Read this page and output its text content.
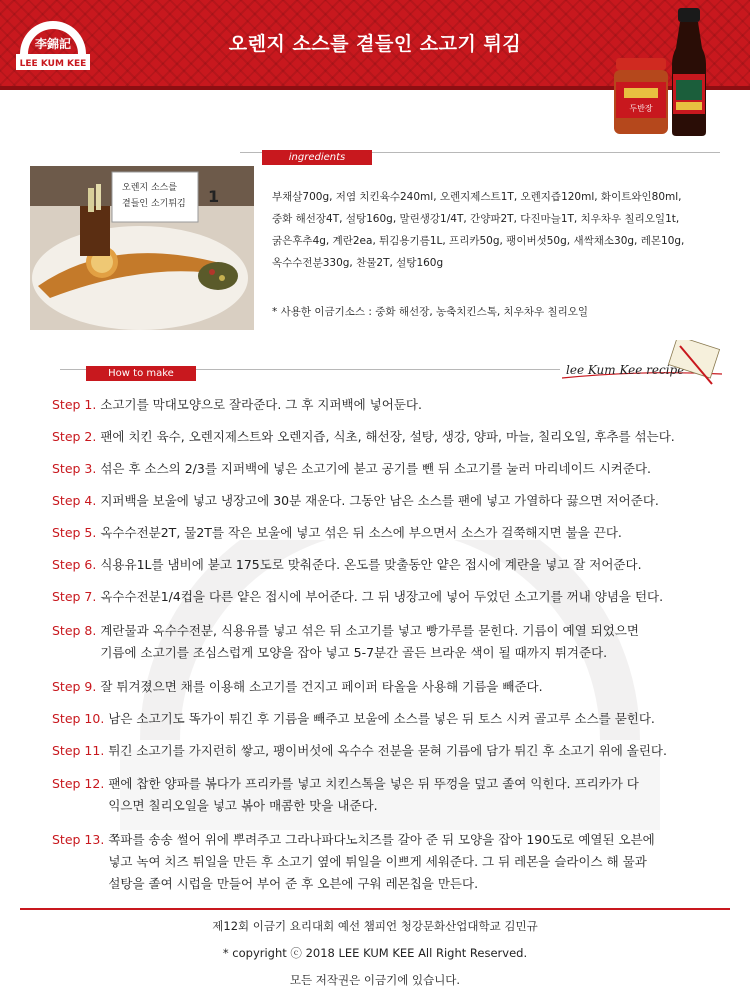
李錦記
LEE KUM KEE
오렌지 소스를 곁들인 소고기 튀김
두반장
ingredients
오렌지 소스를
곁들인 소기튀김 1	부채살700g, 저염 치킨육수240ml, 오렌지제스트1T, 오렌지즙120ml, 화이트와인80ml,
중화 해선장4T, 설탕160g, 말린생강1/4T, 간양파2T, 다진마늘1T, 치우차우 칠리오일1t,
굵은후추4g, 계란2ea, 튀김용기름1L, 프리카50g, 팽이버섯50g, 새싹채소30g, 레몬10g,
옥수수전분330g, 찬물2T, 설탕160g
* 사용한 이금기소스 : 중화 해선장, 농축치킨스톡, 치우차우 칠리오일
How to make	lee Kum Kee recipe
Step 1. 소고기를 막대모양으로 잘라준다. 그 후 지퍼백에 넣어둔다.
Step 2. 팬에 치킨 육수, 오렌지제스트와 오렌지즙, 식초, 해선장, 설탕, 생강, 양파, 마늘, 칠리오일, 후추를 섞는다.
Step 3. 섞은 후 소스의 2/3를 지퍼백에 넣은 소고기에 붇고 공기를 뺀 뒤 소고기를 눌러 마리네이드 시켜준다.
Step 4. 지퍼백을 보울에 넣고 냉장고에 30분 재운다. 그동안 남은 소스를 팬에 넣고 가열하다 끓으면 저어준다.
Step 5. 옥수수전분2T, 물2T를 작은 보울에 넣고 섞은 뒤 소스에 부으면서 소스가 걸쭉해지면 불을 끈다.
Step 6. 식용유1L를 냄비에 붇고 175도로 맞춰준다. 온도를 맞출동안 얕은 접시에 계란을 넣고 잘 저어준다.
Step 7. 옥수수전분1/4컵을 다른 얕은 접시에 부어준다. 그 뒤 냉장고에 넣어 두었던 소고기를 꺼내 양념을 턴다.
Step 8. 계란물과 옥수수전분, 식용유를 넣고 섞은 뒤 소고기를 넣고 빵가루를 묻힌다. 기름이 예열 되었으면
기름에 소고기를 조심스럽게 모양을 잡아 넣고 5-7분간 골든 브라운 색이 될 때까지 튀겨준다.
Step 9. 잘 튀겨졌으면 채를 이용해 소고기를 건지고 페이퍼 타올을 사용해 기름을 빼준다.
Step 10. 남은 소고기도 똑가이 튀긴 후 기름을 빼주고 보울에 소스를 넣은 뒤 토스 시켜 골고루 소스를 묻힌다.
Step 11. 튀긴 소고기를 가지런히 쌓고, 팽이버섯에 옥수수 전분을 묻혀 기름에 담가 튀긴 후 소고기 위에 올린다.
Step 12. 팬에 찹한 양파를 볶다가 프리카를 넣고 치킨스톡을 넣은 뒤 뚜껑을 덮고 졸여 익힌다. 프리카가 다
익으면 칠리오일을 넣고 볶아 매콤한 맛을 내준다.
Step 13. 쪽파를 송송 썰어 위에 뿌려주고 그라나파다노치즈를 갈아 준 뒤 모양을 잡아 190도로 예열된 오븐에
넣고 녹여 치즈 튀일을 만든 후 소고기 옆에 튀일을 이쁘게 세워준다. 그 뒤 레몬을 슬라이스 해 물과
설탕을 졸여 시럽을 만들어 부어 준 후 오븐에 구워 레몬칩을 만든다.
제12회 이금기 요리대회 예선 챔피언 청강문화산업대학교 김민규
* copyright ⓒ 2018 LEE KUM KEE All Right Reserved.
모든 저작권은 이금기에 있습니다.
